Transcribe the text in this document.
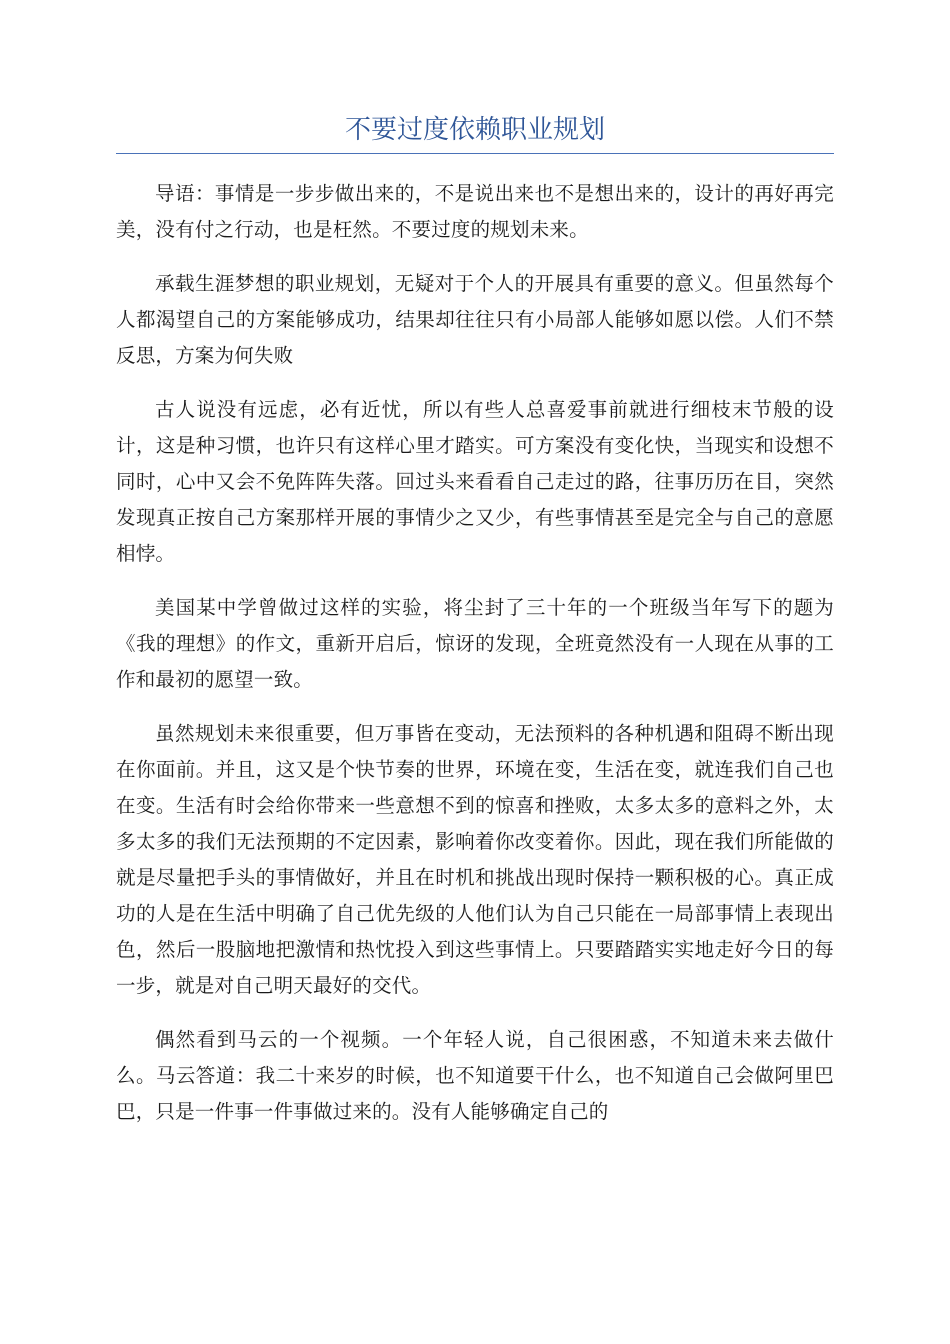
不要过度依赖职业规划

导语：事情是一步步做出来的，不是说出来也不是想出来的，设计的再好再完美，没有付之行动，也是枉然。不要过度的规划未来。

承载生涯梦想的职业规划，无疑对于个人的开展具有重要的意义。但虽然每个人都渴望自己的方案能够成功，结果却往往只有小局部人能够如愿以偿。人们不禁反思，方案为何失败

古人说没有远虑，必有近忧，所以有些人总喜爱事前就进行细枝末节般的设计，这是种习惯，也许只有这样心里才踏实。可方案没有变化快，当现实和设想不同时，心中又会不免阵阵失落。回过头来看看自己走过的路，往事历历在目，突然发现真正按自己方案那样开展的事情少之又少，有些事情甚至是完全与自己的意愿相悖。

美国某中学曾做过这样的实验，将尘封了三十年的一个班级当年写下的题为《我的理想》的作文，重新开启后，惊讶的发现，全班竟然没有一人现在从事的工作和最初的愿望一致。

虽然规划未来很重要，但万事皆在变动，无法预料的各种机遇和阻碍不断出现在你面前。并且，这又是个快节奏的世界，环境在变，生活在变，就连我们自己也在变。生活有时会给你带来一些意想不到的惊喜和挫败，太多太多的意料之外，太多太多的我们无法预期的不定因素，影响着你改变着你。因此，现在我们所能做的就是尽量把手头的事情做好，并且在时机和挑战出现时保持一颗积极的心。真正成功的人是在生活中明确了自己优先级的人他们认为自己只能在一局部事情上表现出色，然后一股脑地把激情和热忱投入到这些事情上。只要踏踏实实地走好今日的每一步，就是对自己明天最好的交代。

偶然看到马云的一个视频。一个年轻人说，自己很困惑，不知道未来去做什么。马云答道：我二十来岁的时候，也不知道要干什么，也不知道自己会做阿里巴巴，只是一件事一件事做过来的。没有人能够确定自己的
